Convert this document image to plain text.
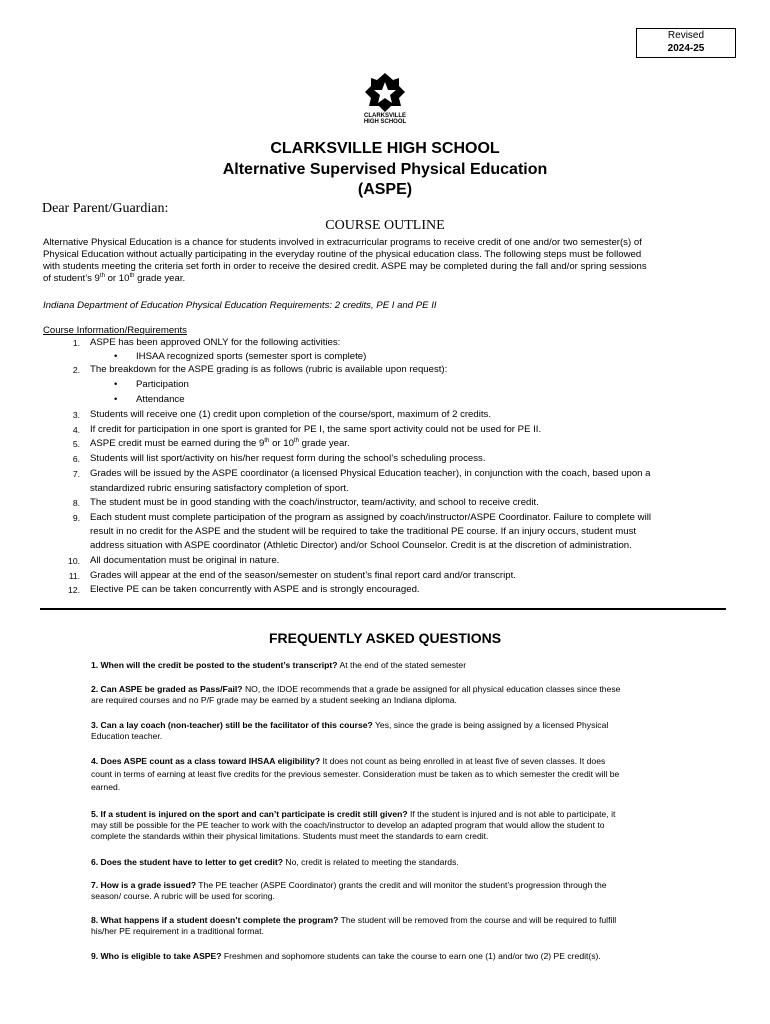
Revised
2024-25
CLARKSVILLE
HIGH SCHOOL
CLARKSVILLE HIGH SCHOOL
Alternative Supervised Physical Education
(ASPE)
Dear Parent/Guardian:
COURSE OUTLINE
Alternative Physical Education is a chance for students involved in extracurricular programs to receive credit of one and/or two semester(s) of
Physical Education without actually participating in the everyday routine of the physical education class. The following steps must be followed
with students meeting the criteria set forth in order to receive the desired credit. ASPE may be completed during the fall and/or spring sessions
of student’s 9th or 10th grade year.
Indiana Department of Education Physical Education Requirements: 2 credits, PE I and PE II
Course Information/Requirements
1. ASPE has been approved ONLY for the following activities:
• IHSAA recognized sports (semester sport is complete)
2. The breakdown for the ASPE grading is as follows (rubric is available upon request):
• Participation
• Attendance
3. Students will receive one (1) credit upon completion of the course/sport, maximum of 2 credits.
4. If credit for participation in one sport is granted for PE I, the same sport activity could not be used for PE II.
5. ASPE credit must be earned during the 9th or 10th grade year.
6. Students will list sport/activity on his/her request form during the school’s scheduling process.
7. Grades will be issued by the ASPE coordinator (a licensed Physical Education teacher), in conjunction with the coach, based upon a
standardized rubric ensuring satisfactory completion of sport.
8. The student must be in good standing with the coach/instructor, team/activity, and school to receive credit.
9. Each student must complete participation of the program as assigned by coach/instructor/ASPE Coordinator. Failure to complete will
result in no credit for the ASPE and the student will be required to take the traditional PE course. If an injury occurs, student must
address situation with ASPE coordinator (Athletic Director) and/or School Counselor. Credit is at the discretion of administration.
10. All documentation must be original in nature.
11. Grades will appear at the end of the season/semester on student’s final report card and/or transcript.
12. Elective PE can be taken concurrently with ASPE and is strongly encouraged.
FREQUENTLY ASKED QUESTIONS
1. When will the credit be posted to the student’s transcript? At the end of the stated semester
2. Can ASPE be graded as Pass/Fail? NO, the IDOE recommends that a grade be assigned for all physical education classes since these
are required courses and no P/F grade may be earned by a student seeking an Indiana diploma.
3. Can a lay coach (non-teacher) still be the facilitator of this course? Yes, since the grade is being assigned by a licensed Physical
Education teacher.
4. Does ASPE count as a class toward IHSAA eligibility? It does not count as being enrolled in at least five of seven classes. It does
count in terms of earning at least five credits for the previous semester. Consideration must be taken as to which semester the credit will be
earned.
5. If a student is injured on the sport and can’t participate is credit still given? If the student is injured and is not able to participate, it
may still be possible for the PE teacher to work with the coach/instructor to develop an adapted program that would allow the student to
complete the standards within their physical limitations. Students must meet the standards to earn credit.
6. Does the student have to letter to get credit? No, credit is related to meeting the standards.
7. How is a grade issued? The PE teacher (ASPE Coordinator) grants the credit and will monitor the student’s progression through the
season/ course. A rubric will be used for scoring.
8. What happens if a student doesn’t complete the program? The student will be removed from the course and will be required to fulfill
his/her PE requirement in a traditional format.
9. Who is eligible to take ASPE? Freshmen and sophomore students can take the course to earn one (1) and/or two (2) PE credit(s).
